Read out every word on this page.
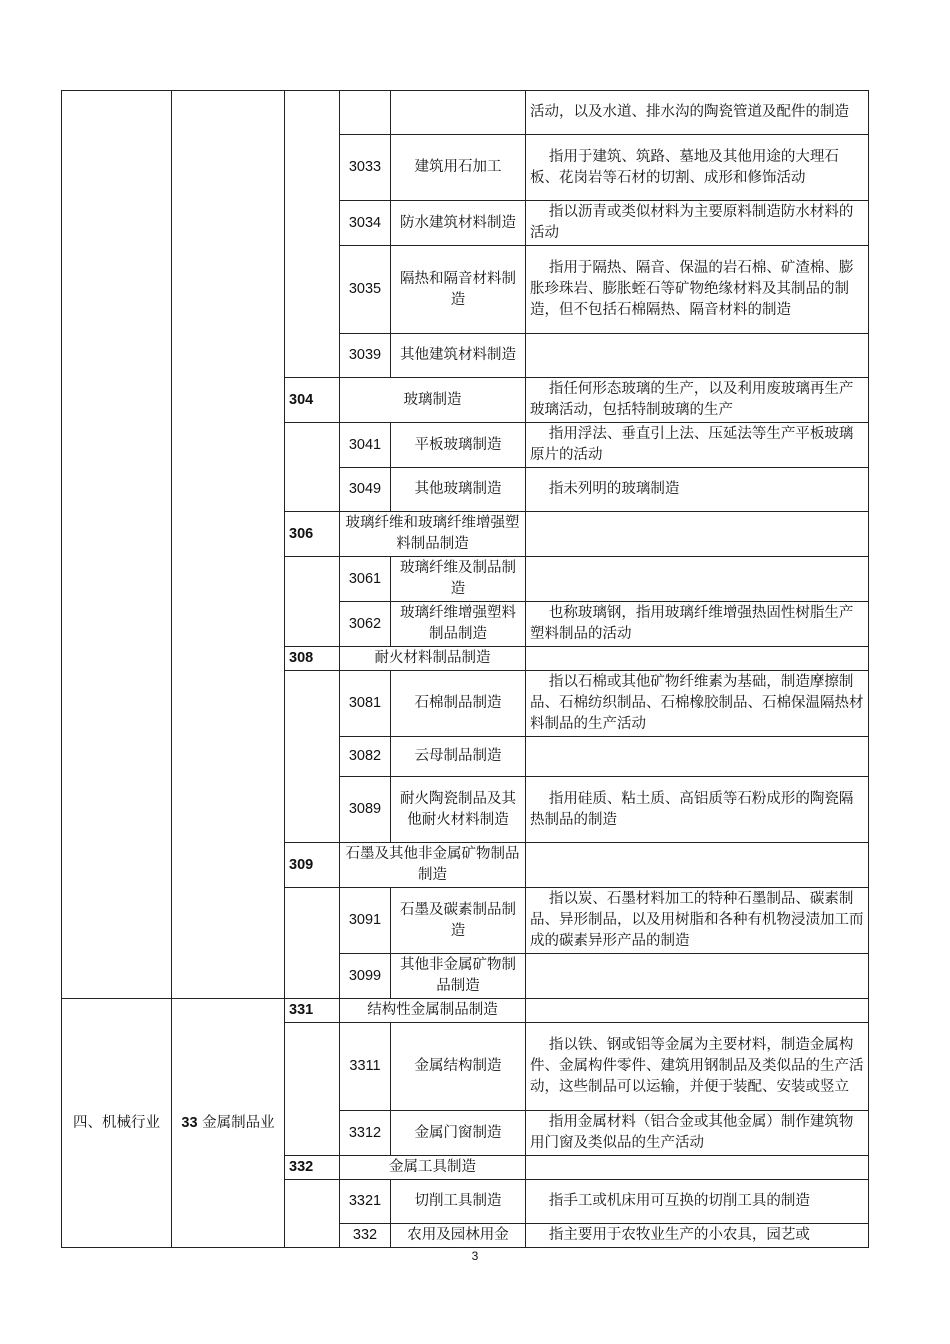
					活动，以及水道、排水沟的陶瓷管道及配件的制造
			3033	建筑用石加工	指用于建筑、筑路、墓地及其他用途的大理石板、花岗岩等石材的切割、成形和修饰活动
			3034	防水建筑材料制造	指以沥青或类似材料为主要原料制造防水材料的活动
			3035	隔热和隔音材料制造	指用于隔热、隔音、保温的岩石棉、矿渣棉、膨胀珍珠岩、膨胀蛭石等矿物绝缘材料及其制品的制造，但不包括石棉隔热、隔音材料的制造
			3039	其他建筑材料制造	
		304	玻璃制造		指任何形态玻璃的生产，以及利用废玻璃再生产玻璃活动，包括特制玻璃的生产
			3041	平板玻璃制造	指用浮法、垂直引上法、压延法等生产平板玻璃原片的活动
			3049	其他玻璃制造	指未列明的玻璃制造
		306	玻璃纤维和玻璃纤维增强塑料制品制造		
			3061	玻璃纤维及制品制造	
			3062	玻璃纤维增强塑料制品制造	也称玻璃钢，指用玻璃纤维增强热固性树脂生产塑料制品的活动
		308	耐火材料制品制造		
			3081	石棉制品制造	指以石棉或其他矿物纤维素为基础，制造摩擦制品、石棉纺织制品、石棉橡胶制品、石棉保温隔热材料制品的生产活动
			3082	云母制品制造	
			3089	耐火陶瓷制品及其他耐火材料制造	指用硅质、粘土质、高铝质等石粉成形的陶瓷隔热制品的制造
		309	石墨及其他非金属矿物制品制造		
			3091	石墨及碳素制品制造	指以炭、石墨材料加工的特种石墨制品、碳素制品、异形制品，以及用树脂和各种有机物浸渍加工而成的碳素异形产品的制造
			3099	其他非金属矿物制品制造	
四、机械行业	33 金属制品业	331	结构性金属制品制造		
			3311	金属结构制造	指以铁、钢或铝等金属为主要材料，制造金属构件、金属构件零件、建筑用钢制品及类似品的生产活动，这些制品可以运输，并便于装配、安装或竖立
			3312	金属门窗制造	指用金属材料（铝合金或其他金属）制作建筑物用门窗及类似品的生产活动
		332	金属工具制造		
			3321	切削工具制造	指手工或机床用可互换的切削工具的制造
			332	农用及园林用金	指主要用于农牧业生产的小农具，园艺或
3
